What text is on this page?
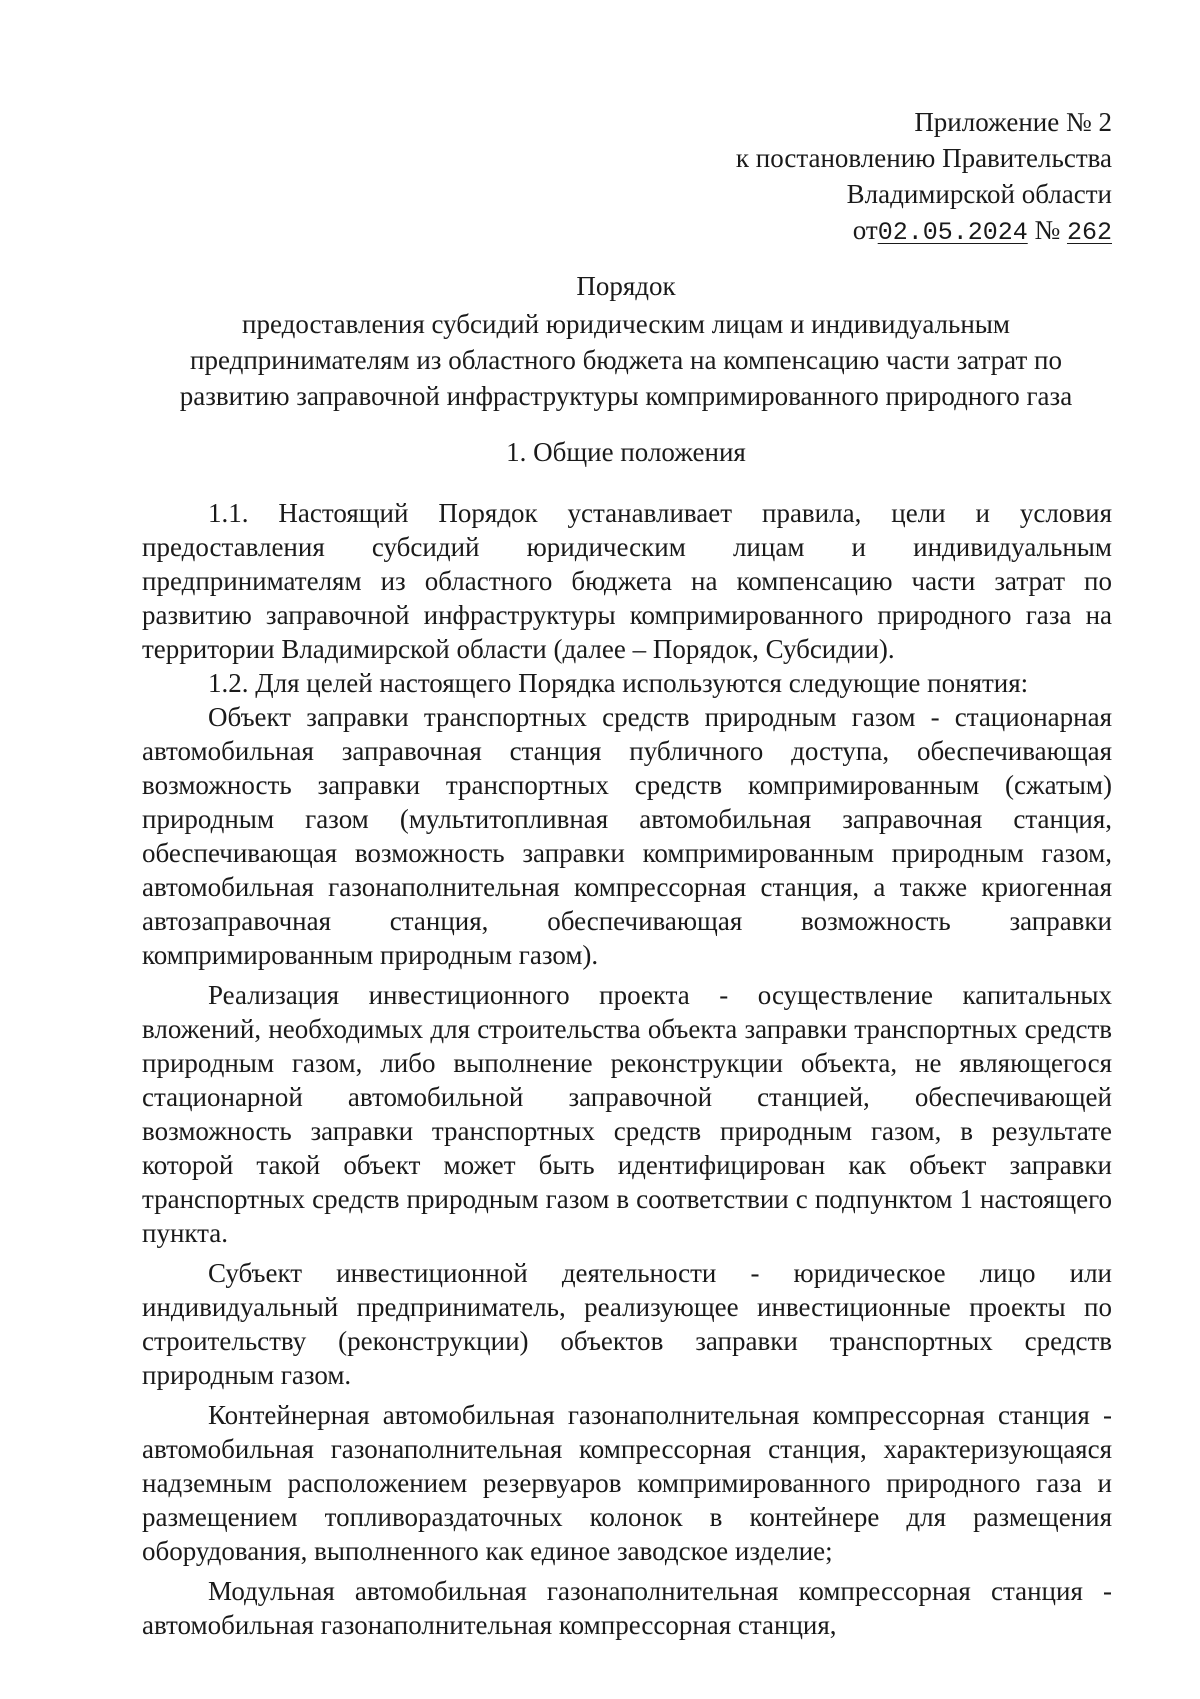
Приложение № 2
к постановлению Правительства
Владимирской области
от02.05.2024 № 262
Порядок
предоставления субсидий юридическим лицам и индивидуальным предпринимателям из областного бюджета на компенсацию части затрат по развитию заправочной инфраструктуры компримированного природного газа
1. Общие положения

1.1. Настоящий Порядок устанавливает правила, цели и условия предоставления субсидий юридическим лицам и индивидуальным предпринимателям из областного бюджета на компенсацию части затрат по развитию заправочной инфраструктуры компримированного природного газа на территории Владимирской области (далее – Порядок, Субсидии).

1.2. Для целей настоящего Порядка используются следующие понятия:

Объект заправки транспортных средств природным газом - стационарная автомобильная заправочная станция публичного доступа, обеспечивающая возможность заправки транспортных средств компримированным (сжатым) природным газом (мультитопливная автомобильная заправочная станция, обеспечивающая возможность заправки компримированным природным газом, автомобильная газонаполнительная компрессорная станция, а также криогенная автозаправочная станция, обеспечивающая возможность заправки компримированным природным газом).

Реализация инвестиционного проекта - осуществление капитальных вложений, необходимых для строительства объекта заправки транспортных средств природным газом, либо выполнение реконструкции объекта, не являющегося стационарной автомобильной заправочной станцией, обеспечивающей возможность заправки транспортных средств природным газом, в результате которой такой объект может быть идентифицирован как объект заправки транспортных средств природным газом в соответствии с подпунктом 1 настоящего пункта.

Субъект инвестиционной деятельности - юридическое лицо или индивидуальный предприниматель, реализующее инвестиционные проекты по строительству (реконструкции) объектов заправки транспортных средств природным газом.

Контейнерная автомобильная газонаполнительная компрессорная станция - автомобильная газонаполнительная компрессорная станция, характеризующаяся надземным расположением резервуаров компримированного природного газа и размещением топливораздаточных колонок в контейнере для размещения оборудования, выполненного как единое заводское изделие;

Модульная автомобильная газонаполнительная компрессорная станция - автомобильная газонаполнительная компрессорная станция,
